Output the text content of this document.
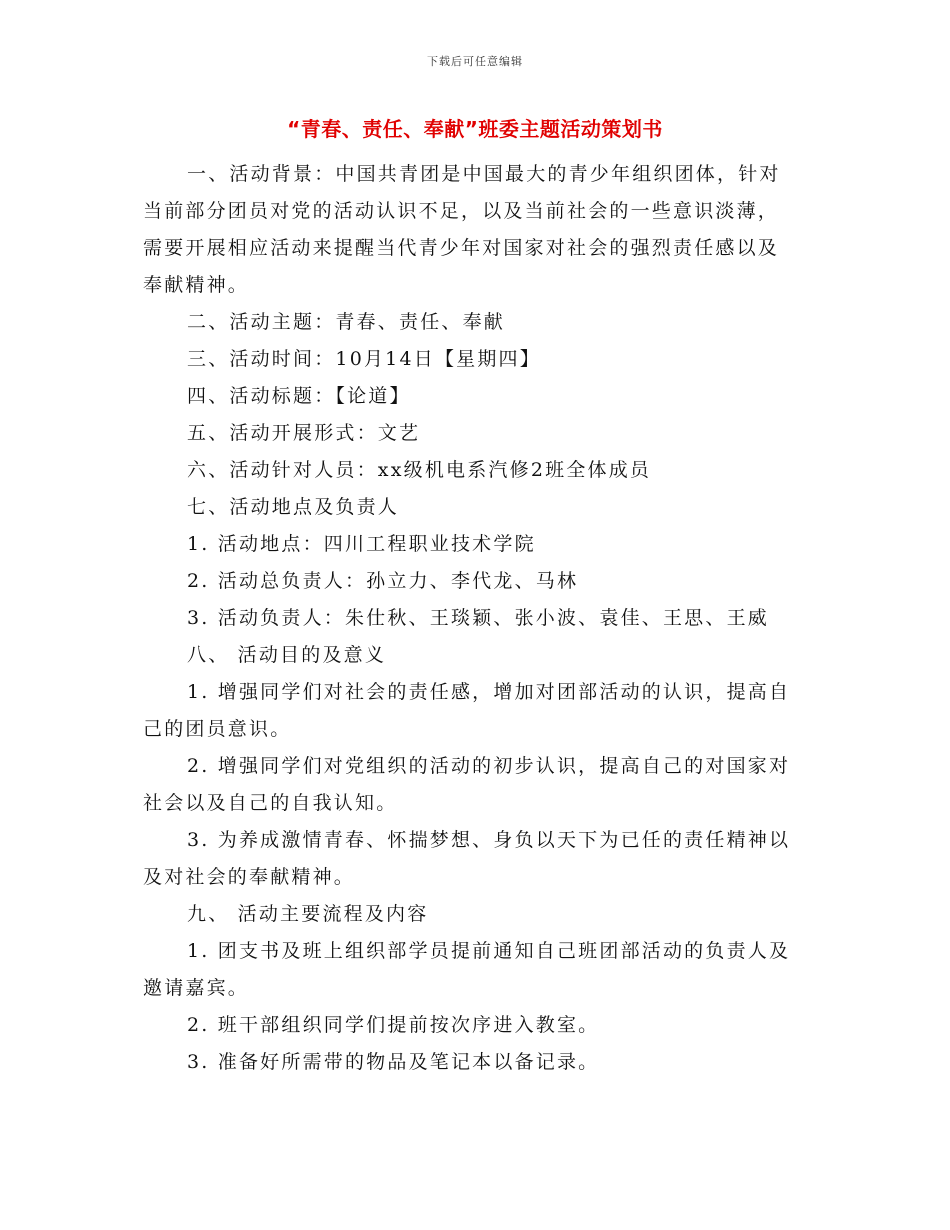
下载后可任意编辑
“青春、责任、奉献”班委主题活动策划书

一、活动背景：中国共青团是中国最大的青少年组织团体，针对

当前部分团员对党的活动认识不足，以及当前社会的一些意识淡薄，

需要开展相应活动来提醒当代青少年对国家对社会的强烈责任感以及

奉献精神。

二、活动主题：青春、责任、奉献

三、活动时间：10月14日【星期四】

四、活动标题：【论道】

五、活动开展形式：文艺

六、活动针对人员：xx级机电系汽修2班全体成员

七、活动地点及负责人

1. 活动地点：四川工程职业技术学院

2. 活动总负责人：孙立力、李代龙、马林

3. 活动负责人：朱仕秋、王琰颖、张小波、袁佳、王思、王威

八、 活动目的及意义

1. 增强同学们对社会的责任感，增加对团部活动的认识，提高自

己的团员意识。

2. 增强同学们对党组织的活动的初步认识，提高自己的对国家对

社会以及自己的自我认知。

3. 为养成激情青春、怀揣梦想、身负以天下为已任的责任精神以

及对社会的奉献精神。

九、 活动主要流程及内容

1. 团支书及班上组织部学员提前通知自己班团部活动的负责人及

邀请嘉宾。

2. 班干部组织同学们提前按次序进入教室。

3. 准备好所需带的物品及笔记本以备记录。
